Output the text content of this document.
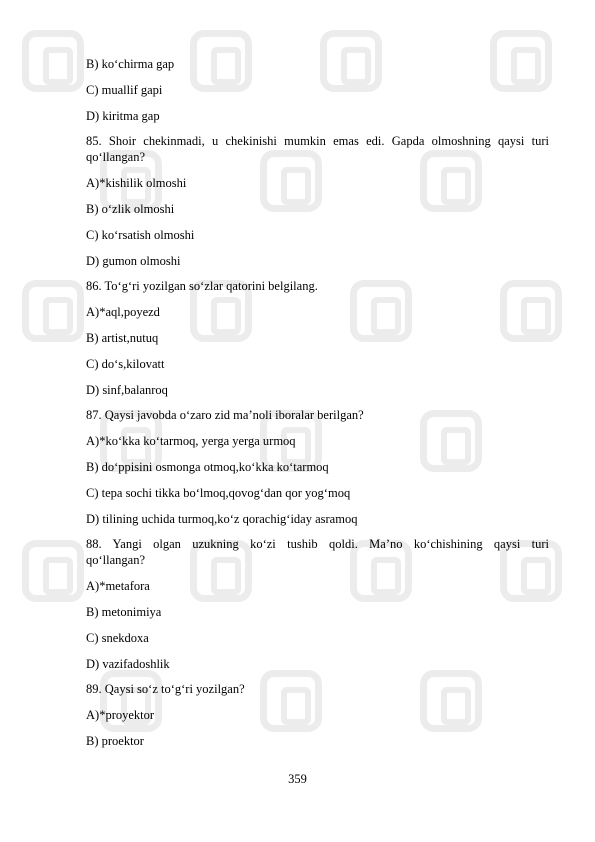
B) ko‘chirma gap
C) muallif gapi
D) kiritma gap
85. Shoir chekinmadi, u chekinishi mumkin emas edi. Gapda olmoshning qaysi turi qo‘llangan?
A)*kishilik olmoshi
B) o‘zlik olmoshi
C) ko‘rsatish olmoshi
D) gumon olmoshi
86. To‘g‘ri yozilgan so‘zlar qatorini belgilang.
A)*aql,poyezd
B) artist,nutuq
C) do‘s,kilovatt
D) sinf,balanroq
87. Qaysi javobda o‘zaro zid ma’noli iboralar berilgan?
A)*ko‘kka ko‘tarmoq, yerga yerga urmoq
B) do‘ppisini osmonga otmoq,ko‘kka ko‘tarmoq
C) tepa sochi tikka bo‘lmoq,qovog‘dan qor yog‘moq
D) tilining uchida turmoq,ko‘z qorachig‘iday asramoq
88.  Yangi  olgan  uzukning  ko‘zi  tushib  qoldi.  Ma’no  ko‘chishining  qaysi  turi qo‘llangan?
A)*metafora
B) metonimiya
C) snekdoxa
D) vazifadoshlik
89. Qaysi so‘z to‘g‘ri yozilgan?
A)*proyektor
B) proektor
359
